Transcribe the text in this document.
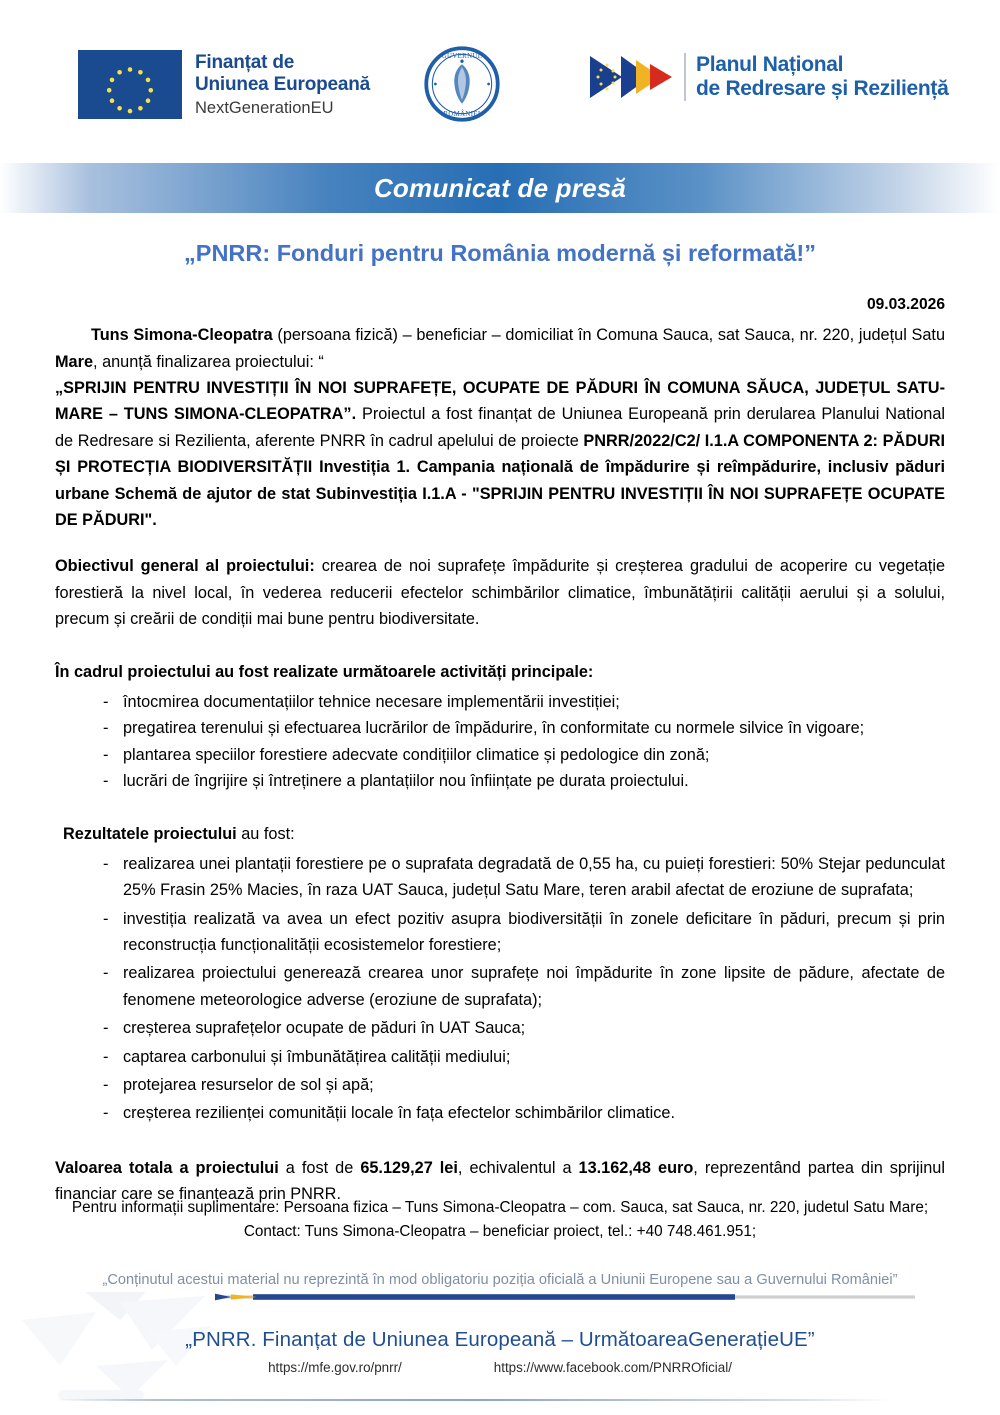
Finanțat de
Uniunea Europeană
NextGenerationEU
GUVERNUL
ROMÂNIEI
Planul Național
de Redresare și Reziliență
Comunicat de presă
„PNRR: Fonduri pentru România modernă și reformată!”
09.03.2026

Tuns Simona-Cleopatra (persoana fizică) – beneficiar – domiciliat în Comuna Sauca, sat Sauca, nr. 220, județul Satu Mare, anunță finalizarea proiectului: “

„SPRIJIN PENTRU INVESTIȚII ÎN NOI SUPRAFEȚE, OCUPATE DE PĂDURI ÎN COMUNA SĂUCA, JUDEȚUL SATU-MARE – TUNS SIMONA-CLEOPATRA”. Proiectul a fost finanțat de Uniunea Europeană prin derularea Planului National de Redresare si Rezilienta, aferente PNRR în cadrul apelului de proiecte PNRR/2022/C2/ I.1.A COMPONENTA 2: PĂDURI ȘI PROTECȚIA BIODIVERSITĂȚII Investiția 1. Campania națională de împădurire și reîmpădurire, inclusiv păduri urbane Schemă de ajutor de stat Subinvestiția I.1.A - "SPRIJIN PENTRU INVESTIȚII ÎN NOI SUPRAFEȚE OCUPATE DE PĂDURI".

Obiectivul general al proiectului: crearea de noi suprafețe împădurite și creșterea gradului de acoperire cu vegetație forestieră la nivel local, în vederea reducerii efectelor schimbărilor climatice, îmbunătățirii calității aerului și a solului, precum și creării de condiții mai bune pentru biodiversitate.

În cadrul proiectului au fost realizate următoarele activități principale:

- întocmirea documentațiilor tehnice necesare implementării investiției;
- pregatirea terenului și efectuarea lucrărilor de împădurire, în conformitate cu normele silvice în vigoare;
- plantarea speciilor forestiere adecvate condițiilor climatice și pedologice din zonă;
- lucrări de îngrijire și întreținere a plantațiilor nou înființate pe durata proiectului.

Rezultatele proiectului au fost:

- realizarea unei plantații forestiere pe o suprafata degradată de 0,55 ha, cu puieți forestieri: 50% Stejar pedunculat 25% Frasin 25% Macies, în raza UAT Sauca, județul Satu Mare, teren arabil afectat de eroziune de suprafata;
- investiția realizată va avea un efect pozitiv asupra biodiversității în zonele deficitare în păduri, precum și prin reconstrucția funcționalității ecosistemelor forestiere;
- realizarea proiectului generează crearea unor suprafețe noi împădurite în zone lipsite de pădure, afectate de fenomene meteorologice adverse (eroziune de suprafata);
- creșterea suprafețelor ocupate de păduri în UAT Sauca;
- captarea carbonului și îmbunătățirea calității mediului;
- protejarea resurselor de sol și apă;
- creșterea rezilienței comunității locale în fața efectelor schimbărilor climatice.

Valoarea totala a proiectului a fost de 65.129,27 lei, echivalentul a 13.162,48 euro, reprezentând partea din sprijinul financiar care se finanțează prin PNRR.

Pentru informații suplimentare: Persoana fizica – Tuns Simona-Cleopatra – com. Sauca, sat Sauca, nr. 220, judetul Satu Mare;
Contact: Tuns Simona-Cleopatra – beneficiar proiect, tel.: +40 748.461.951;
„Conținutul acestui material nu reprezintă în mod obligatoriu poziția oficială a Uniunii Europene sau a Guvernului României”
„PNRR. Finanțat de Uniunea Europeană – UrmătoareaGenerațieUE”
https://mfe.gov.ro/pnrr/	https://www.facebook.com/PNRROficial/
